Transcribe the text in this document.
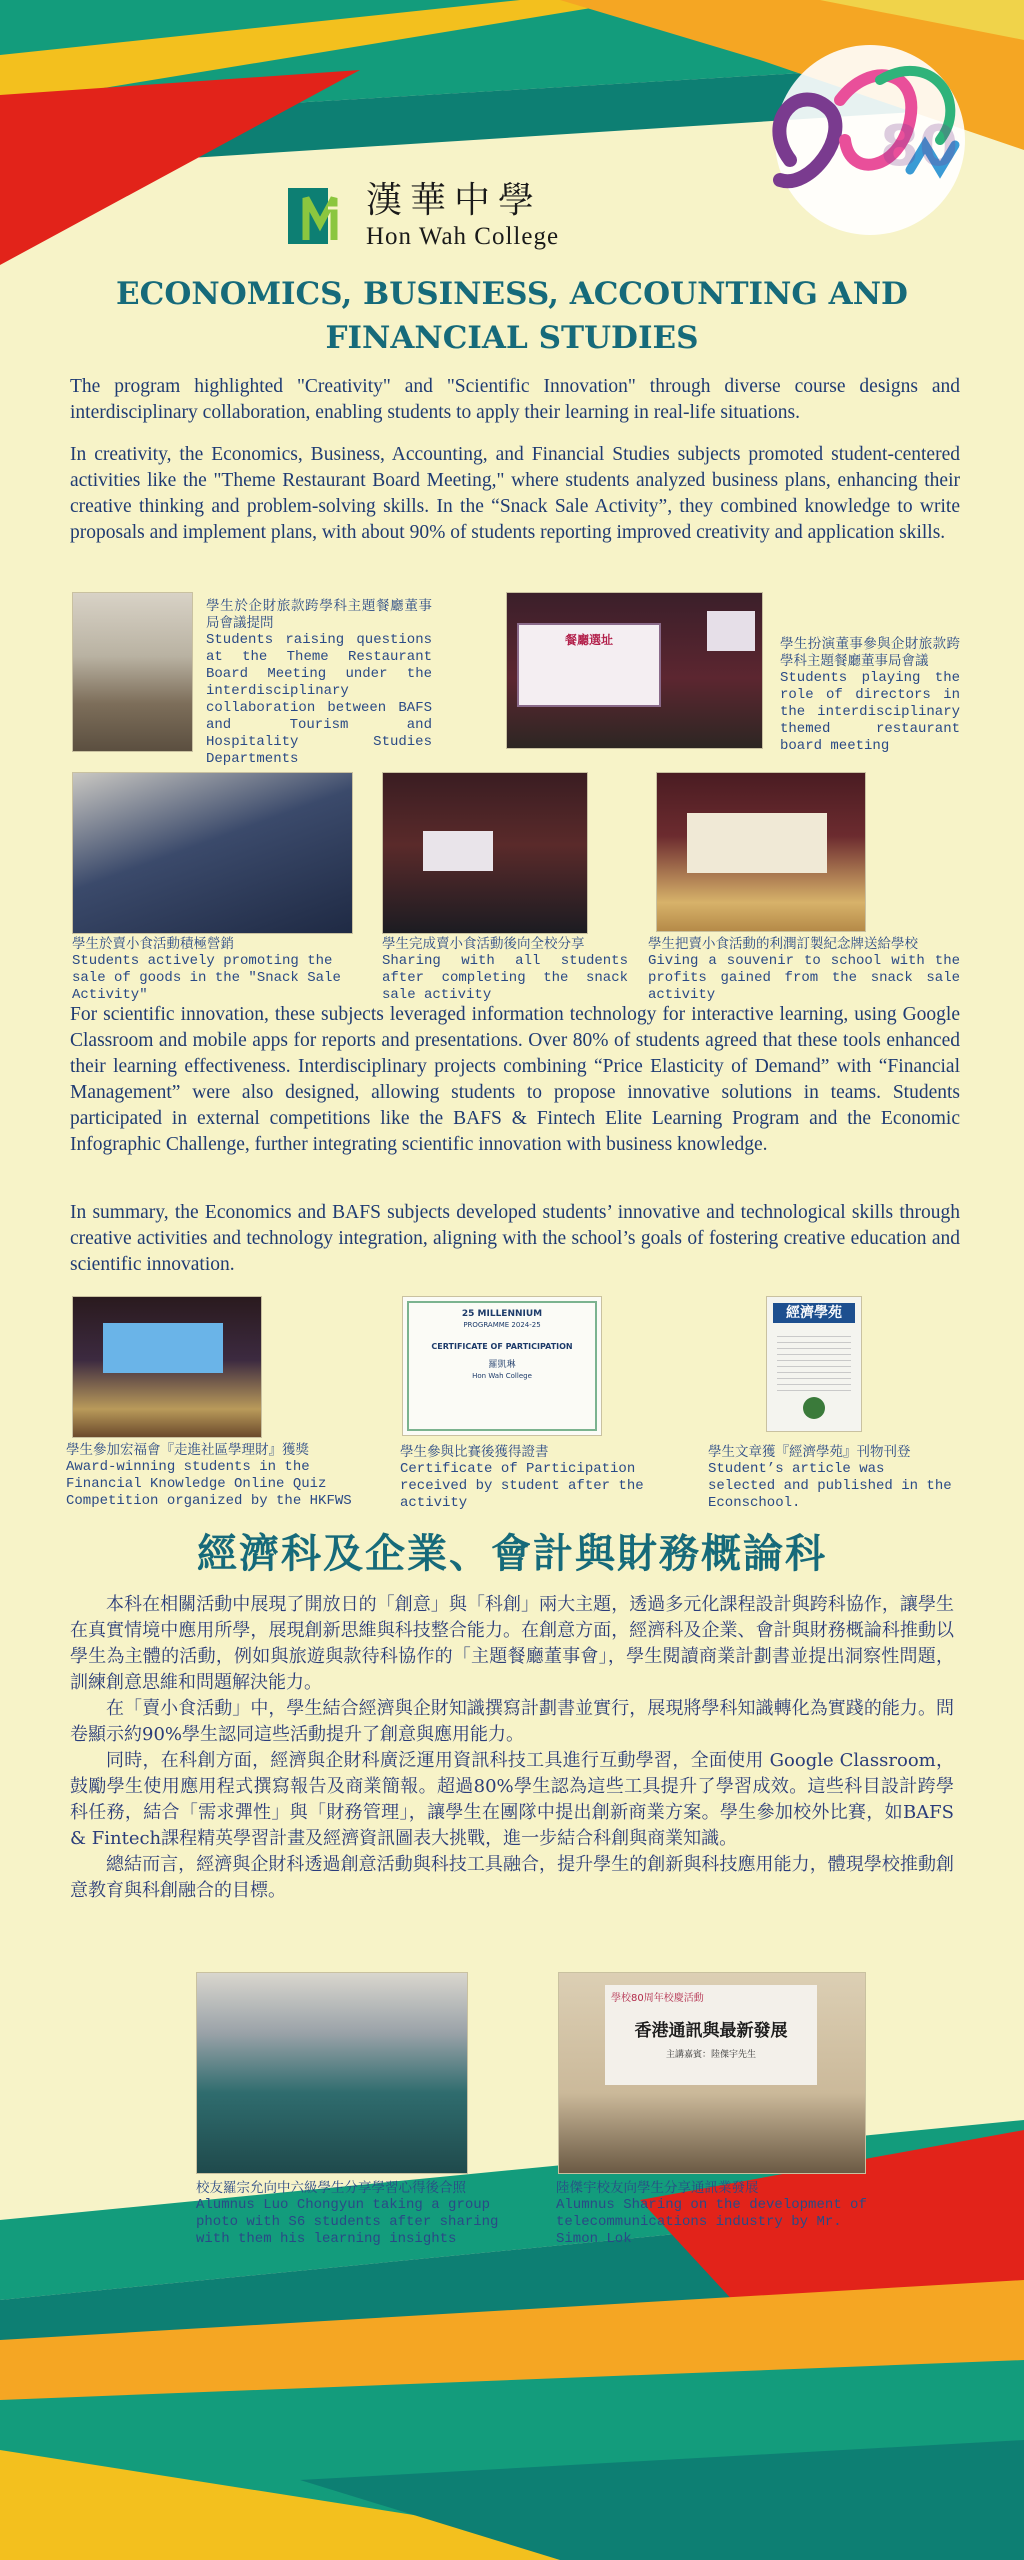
80
漢華中學
Hon Wah College
ECONOMICS, BUSINESS, ACCOUNTING AND FINANCIAL STUDIES
The program highlighted "Creativity" and "Scientific Innovation" through diverse course designs and interdisciplinary collaboration, enabling students to apply their learning in real-life situations.
In creativity, the Economics, Business, Accounting, and Financial Studies subjects promoted student-centered activities like the "Theme Restaurant Board Meeting," where students analyzed business plans, enhancing their creative thinking and problem-solving skills. In the “Snack Sale Activity”, they combined knowledge to write proposals and implement plans, with about 90% of students reporting improved creativity and application skills.
學生於企財旅款跨學科主題餐廳董事局會議提問
Students raising questions at the Theme Restaurant Board Meeting under the interdisciplinary collaboration between BAFS and Tourism and Hospitality Studies Departments
餐廳選址	學生扮演董事參與企財旅款跨學科主題餐廳董事局會議
Students playing the role of directors in the interdisciplinary themed restaurant board meeting
學生於賣小食活動積極營銷
Students actively promoting the sale of goods in the "Snack Sale Activity"
學生完成賣小食活動後向全校分享
Sharing with all students after completing the snack sale activity
學生把賣小食活動的利潤訂製紀念牌送給學校
Giving a souvenir to school with the profits gained from the snack sale activity
For scientific innovation, these subjects leveraged information technology for interactive learning, using Google Classroom and mobile apps for reports and presentations. Over 80% of students agreed that these tools enhanced their learning effectiveness. Interdisciplinary projects combining “Price Elasticity of Demand” with “Financial Management” were also designed, allowing students to propose innovative solutions in teams. Students participated in external competitions like the BAFS & Fintech Elite Learning Program and the Economic Infographic Challenge, further integrating scientific innovation with business knowledge.
In summary, the Economics and BAFS subjects developed students’ innovative and technological skills through creative activities and technology integration, aligning with the school’s goals of fostering creative education and scientific innovation.
學生參加宏福會『走進社區學理財』獲獎
Award-winning students in the Financial Knowledge Online Quiz Competition organized by the HKFWS
25 MILLENNIUM
PROGRAMME 2024-25
CERTIFICATE OF PARTICIPATION
羅凱琳
Hon Wah College
學生參與比賽後獲得證書
Certificate of Participation received by student after the activity
經濟學苑
學生文章獲『經濟學苑』刊物刊登
Student’s article was selected and published in the Econschool.
經濟科及企業、會計與財務概論科

本科在相關活動中展現了開放日的「創意」與「科創」兩大主題，透過多元化課程設計與跨科協作，讓學生在真實情境中應用所學，展現創新思維與科技整合能力。在創意方面，經濟科及企業、會計與財務概論科推動以學生為主體的活動，例如與旅遊與款待科協作的「主題餐廳董事會」，學生閱讀商業計劃書並提出洞察性問題，訓練創意思維和問題解決能力。

在「賣小食活動」中，學生結合經濟與企財知識撰寫計劃書並實行，展現將學科知識轉化為實踐的能力。問卷顯示約90%學生認同這些活動提升了創意與應用能力。

同時，在科創方面，經濟與企財科廣泛運用資訊科技工具進行互動學習，全面使用 Google Classroom，鼓勵學生使用應用程式撰寫報告及商業簡報。超過80%學生認為這些工具提升了學習成效。這些科目設計跨學科任務，結合「需求彈性」與「財務管理」，讓學生在團隊中提出創新商業方案。學生參加校外比賽，如BAFS & Fintech課程精英學習計畫及經濟資訊圖表大挑戰，進一步結合科創與商業知識。

總結而言，經濟與企財科透過創意活動與科技工具融合，提升學生的創新與科技應用能力，體現學校推動創意教育與科創融合的目標。

校友羅宗允向中六級學生分享學習心得後合照
Alumnus Luo Chongyun taking a group photo with S6 students after sharing with them his learning insights
學校80周年校慶活動
香港通訊與最新發展
主講嘉賓：陸傑宇先生
陸傑宇校友向學生分享通訊業發展
Alumnus Sharing on the development of telecommunications industry by Mr. Simon Lok
